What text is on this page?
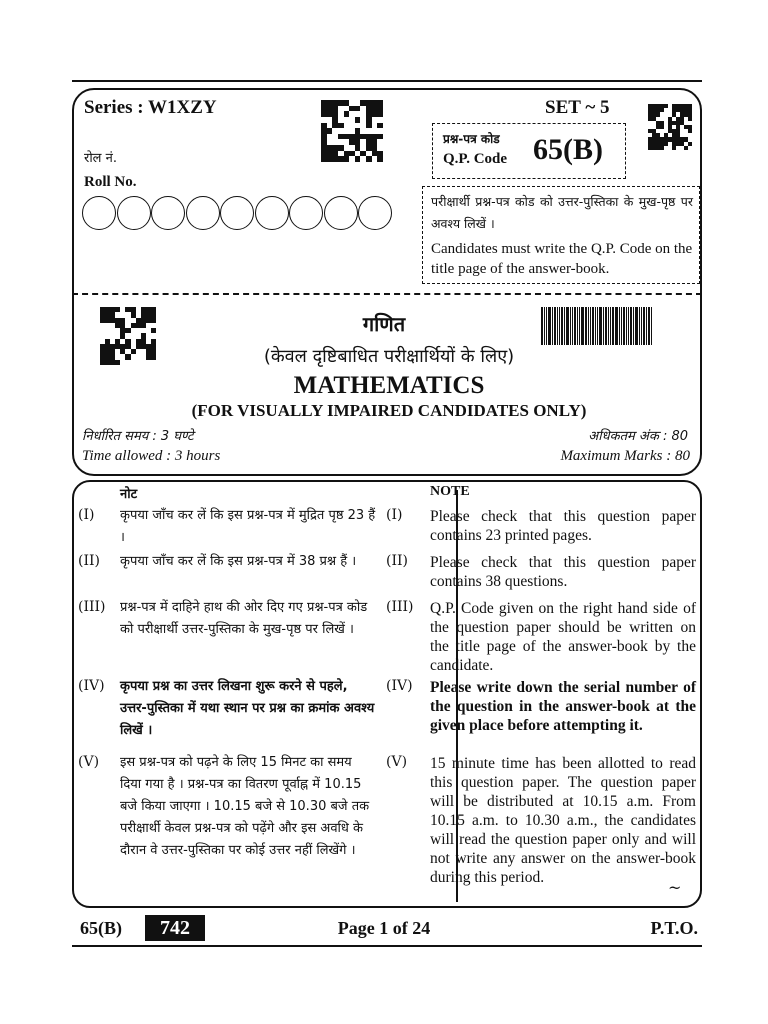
Series : W1XZY	SET ~ 5
रोल नं.
Roll No.
प्रश्न-पत्र कोड
Q.P. Code 65(B)
परीक्षार्थी प्रश्न-पत्र कोड को उत्तर-पुस्तिका के मुख-पृष्ठ पर अवश्य लिखें ।
Candidates must write the Q.P. Code on the title page of the answer-book.
गणित
(केवल दृष्टिबाधित परीक्षार्थियों के लिए)
MATHEMATICS
(FOR VISUALLY IMPAIRED CANDIDATES ONLY)
निर्धारित समय : 3 घण्टे	अधिकतम अंक : 80
Time allowed : 3 hours	Maximum Marks : 80
नोट	NOTE
(I) कृपया जाँच कर लें कि इस प्रश्न-पत्र में मुद्रित पृष्ठ 23 हैं ।
(I) Please check that this question paper contains 23 printed pages.
(II) कृपया जाँच कर लें कि इस प्रश्न-पत्र में 38 प्रश्न हैं ।	(II) Please check that this question paper contains 38 questions.
(III) प्रश्न-पत्र में दाहिने हाथ की ओर दिए गए प्रश्न-पत्र कोड को परीक्षार्थी उत्तर-पुस्तिका के मुख-पृष्ठ पर लिखें ।
(III) Q.P. Code given on the right hand side of the question paper should be written on the title page of the answer-book by the candidate.
(IV) कृपया प्रश्न का उत्तर लिखना शुरू करने से पहले, उत्तर-पुस्तिका में यथा स्थान पर प्रश्न का क्रमांक अवश्य लिखें ।
(IV) Please write down the serial number of the question in the answer-book at the given place before attempting it.
(V) इस प्रश्न-पत्र को पढ़ने के लिए 15 मिनट का समय दिया गया है । प्रश्न-पत्र का वितरण पूर्वाह्न में 10.15 बजे किया जाएगा । 10.15 बजे से 10.30 बजे तक परीक्षार्थी केवल प्रश्न-पत्र को पढ़ेंगे और इस अवधि के दौरान वे उत्तर-पुस्तिका पर कोई उत्तर नहीं लिखेंगे ।
(V) 15 minute time has been allotted to read this question paper. The question paper will be distributed at 10.15 a.m. From 10.15 a.m. to 10.30 a.m., the candidates will read the question paper only and will not write any answer on the answer-book during this period.
~
65(B)	742	Page 1 of 24	P.T.O.
